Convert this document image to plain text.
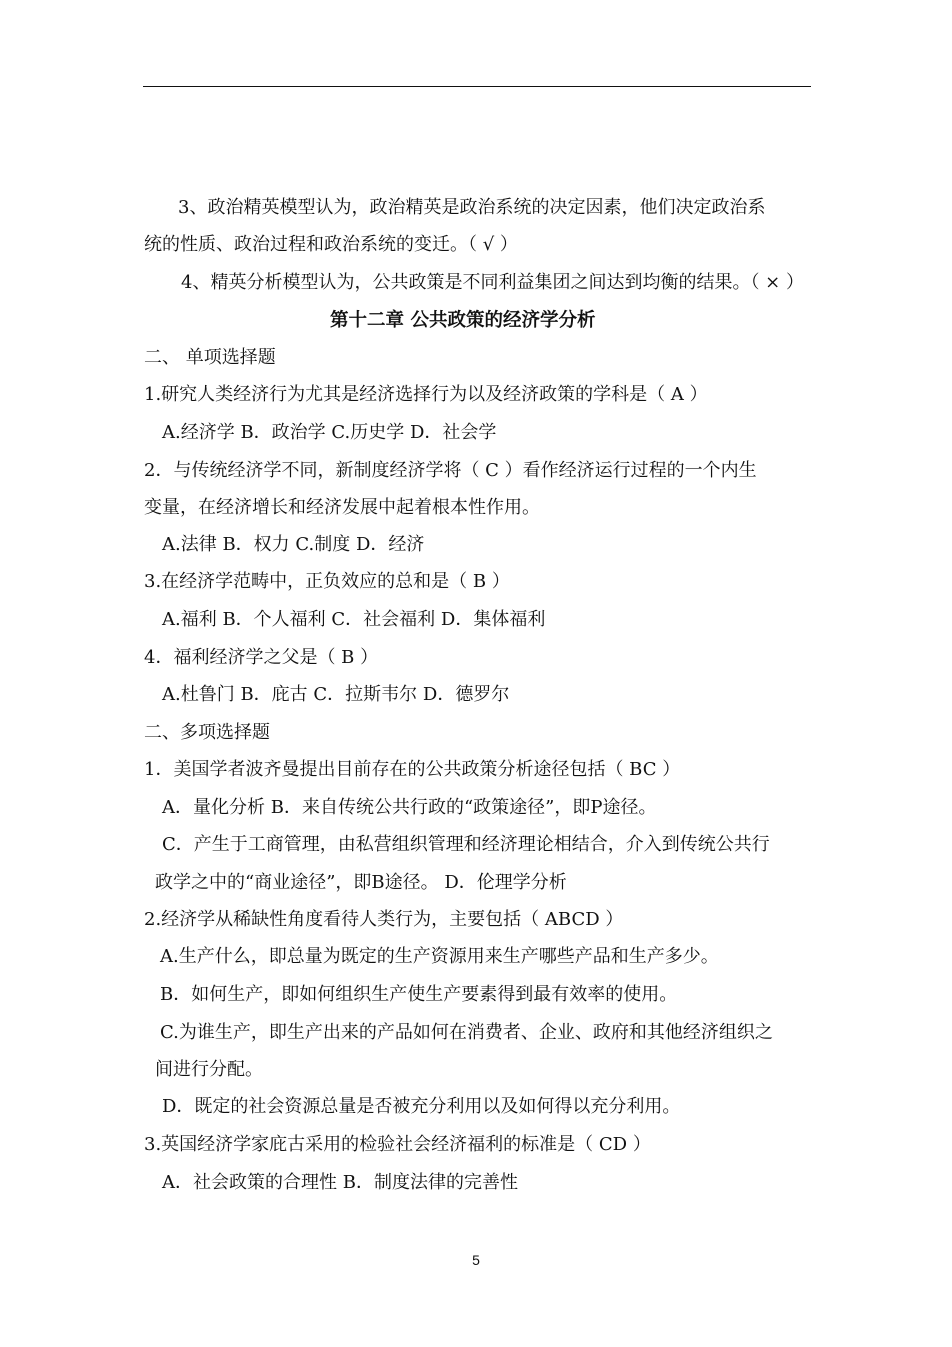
3、政治精英模型认为，政治精英是政治系统的决定因素，他们决定政治系
统的性质、政治过程和政治系统的变迁。（ √ ）
4、精英分析模型认为，公共政策是不同利益集团之间达到均衡的结果。（ × ）
第十二章 公共政策的经济学分析
二、 单项选择题
1.研究人类经济行为尤其是经济选择行为以及经济政策的学科是（ A ）
A.经济学 B．政治学 C.历史学 D．社会学
2．与传统经济学不同，新制度经济学将（ C ）看作经济运行过程的一个内生
变量，在经济增长和经济发展中起着根本性作用。
A.法律 B．权力 C.制度 D．经济
3.在经济学范畴中，正负效应的总和是（ B ）
A.福利 B．个人福利 C．社会福利 D．集体福利
4．福利经济学之父是（ B ）
A.杜鲁门 B．庇古 C．拉斯韦尔 D．德罗尔
二、多项选择题
1．美国学者波齐曼提出目前存在的公共政策分析途径包括（ BC ）
A．量化分析 B．来自传统公共行政的“政策途径”，即P途径。
C．产生于工商管理，由私营组织管理和经济理论相结合，介入到传统公共行
政学之中的“商业途径”，即B途径。 D．伦理学分析
2.经济学从稀缺性角度看待人类行为，主要包括（ ABCD ）
A.生产什么，即总量为既定的生产资源用来生产哪些产品和生产多少。
B．如何生产，即如何组织生产使生产要素得到最有效率的使用。
C.为谁生产，即生产出来的产品如何在消费者、企业、政府和其他经济组织之
间进行分配。
D．既定的社会资源总量是否被充分利用以及如何得以充分利用。
3.英国经济学家庇古采用的检验社会经济福利的标准是（ CD ）
A．社会政策的合理性 B．制度法律的完善性
5
